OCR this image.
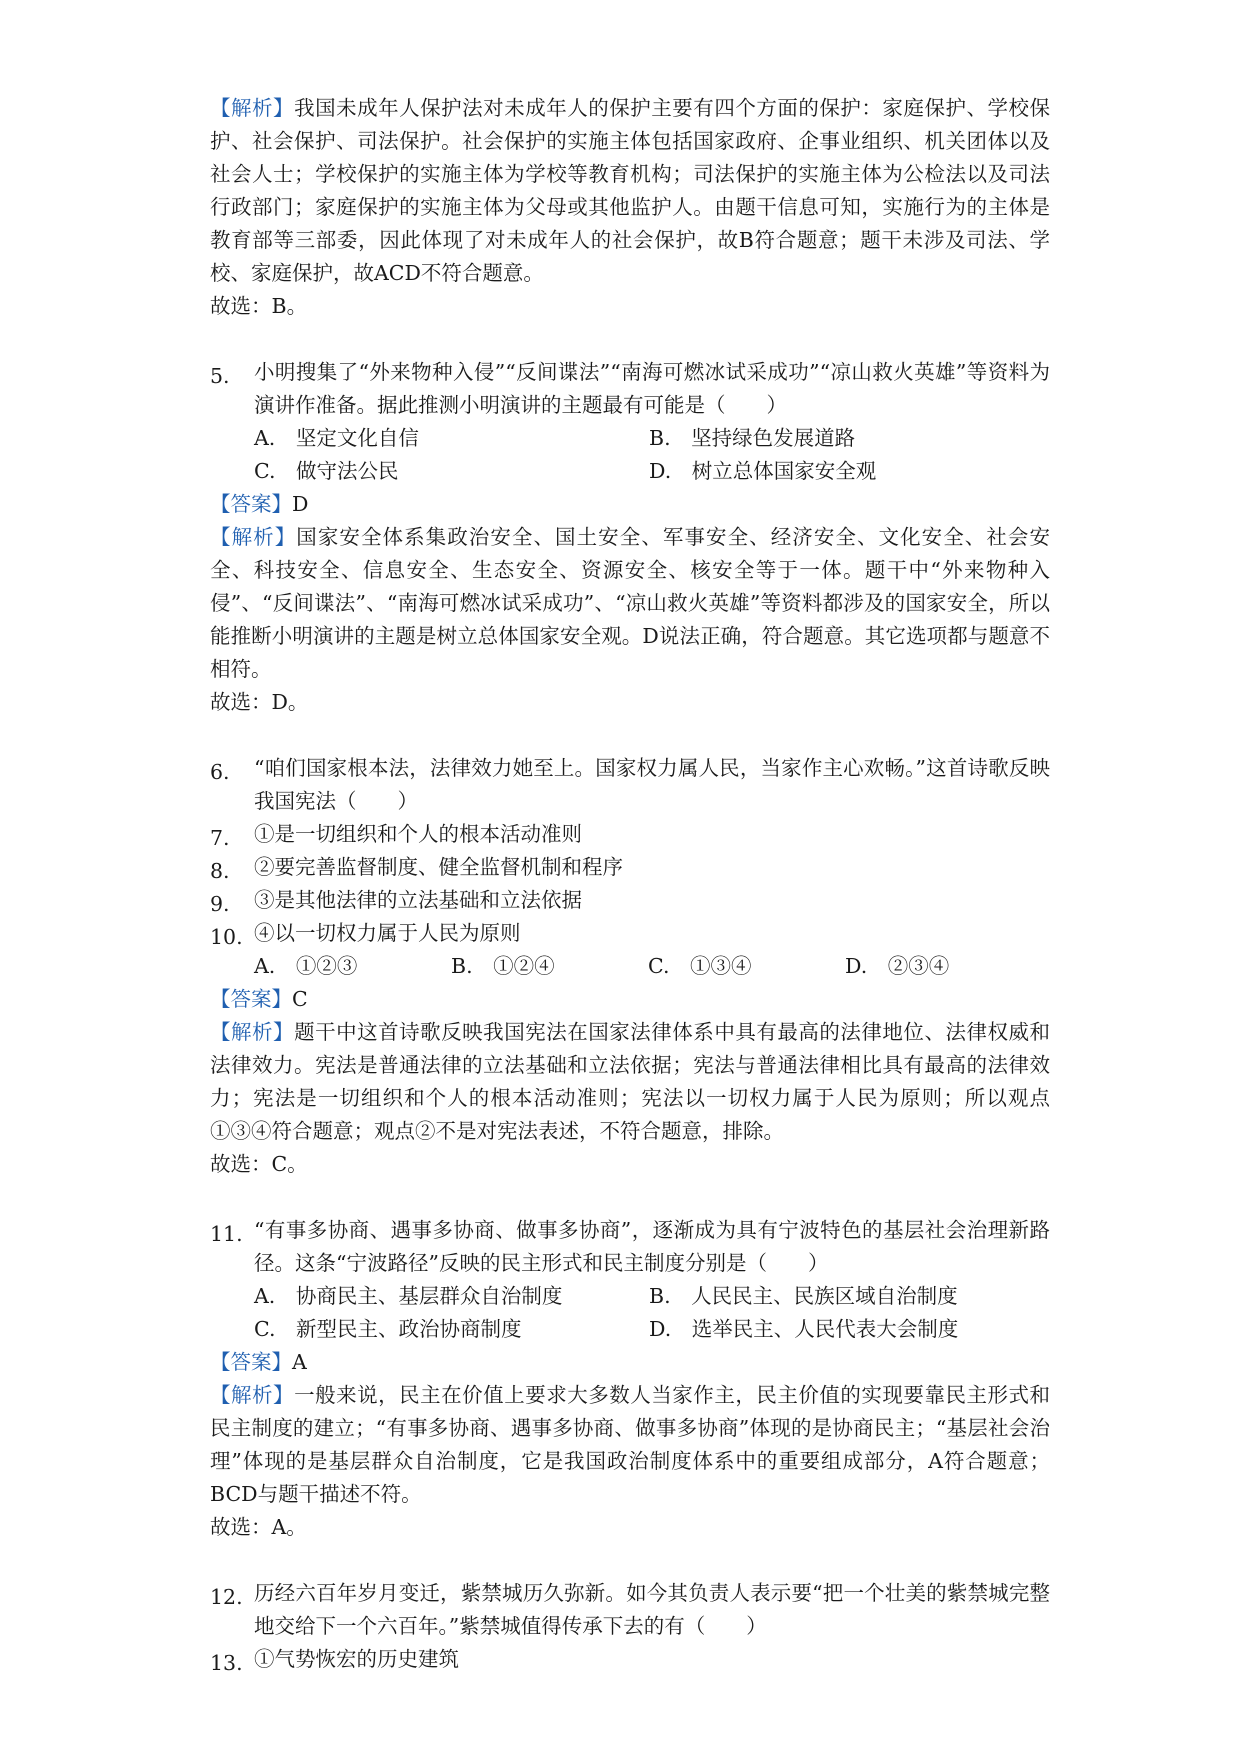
【解析】我国未成年人保护法对未成年人的保护主要有四个方面的保护：家庭保护、学校保护、社会保护、司法保护。社会保护的实施主体包括国家政府、企事业组织、机关团体以及社会人士；学校保护的实施主体为学校等教育机构；司法保护的实施主体为公检法以及司法行政部门；家庭保护的实施主体为父母或其他监护人。由题干信息可知，实施行为的主体是教育部等三部委，因此体现了对未成年人的社会保护，故B符合题意；题干未涉及司法、学校、家庭保护，故ACD不符合题意。

故选：B。

5.	小明搜集了“外来物种入侵”“反间谍法”“南海可燃冰试采成功”“凉山救火英雄”等资料为演讲作准备。据此推测小明演讲的主题最有可能是（　　）

A.　坚定文化自信	B.　坚持绿色发展道路
C.　做守法公民	D.　树立总体国家安全观

【答案】D

【解析】国家安全体系集政治安全、国土安全、军事安全、经济安全、文化安全、社会安全、科技安全、信息安全、生态安全、资源安全、核安全等于一体。题干中“外来物种入侵”、“反间谍法”、“南海可燃冰试采成功”、“凉山救火英雄”等资料都涉及的国家安全，所以能推断小明演讲的主题是树立总体国家安全观。D说法正确，符合题意。其它选项都与题意不相符。

故选：D。

6.	“咱们国家根本法，法律效力她至上。国家权力属人民，当家作主心欢畅。”这首诗歌反映我国宪法（　　）

7.	①是一切组织和个人的根本活动准则

8.	②要完善监督制度、健全监督机制和程序

9.	③是其他法律的立法基础和立法依据

10. ④以一切权力属于人民为原则

A.　①②③	B.　①②④	C.　①③④	D.　②③④

【答案】C

【解析】题干中这首诗歌反映我国宪法在国家法律体系中具有最高的法律地位、法律权威和法律效力。宪法是普通法律的立法基础和立法依据；宪法与普通法律相比具有最高的法律效力；宪法是一切组织和个人的根本活动准则；宪法以一切权力属于人民为原则；所以观点①③④符合题意；观点②不是对宪法表述，不符合题意，排除。

故选：C。

11. “有事多协商、遇事多协商、做事多协商”，逐渐成为具有宁波特色的基层社会治理新路径。这条“宁波路径”反映的民主形式和民主制度分别是（　　）

A.　协商民主、基层群众自治制度	B.　人民民主、民族区域自治制度
C.　新型民主、政治协商制度	D.　选举民主、人民代表大会制度

【答案】A

【解析】一般来说，民主在价值上要求大多数人当家作主，民主价值的实现要靠民主形式和民主制度的建立；“有事多协商、遇事多协商、做事多协商”体现的是协商民主；“基层社会治理”体现的是基层群众自治制度，它是我国政治制度体系中的重要组成部分，A符合题意；BCD与题干描述不符。

故选：A。

12. 历经六百年岁月变迁，紫禁城历久弥新。如今其负责人表示要“把一个壮美的紫禁城完整地交给下一个六百年。”紫禁城值得传承下去的有（　　）

13. ①气势恢宏的历史建筑
